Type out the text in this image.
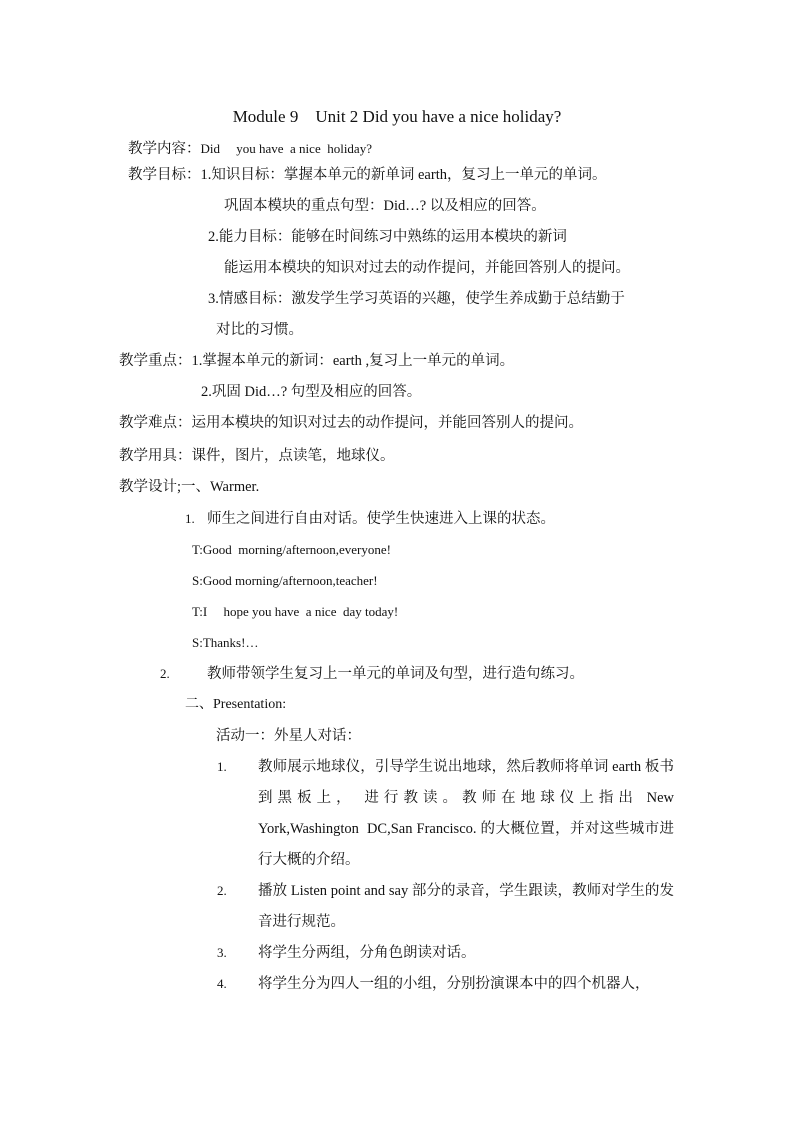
Module 9    Unit 2 Did you have a nice holiday?
教学内容：Did     you have  a nice  holiday?
教学目标：1.知识目标：掌握本单元的新单词 earth，复习上一单元的单词。
巩固本模块的重点句型：Did…? 以及相应的回答。
2.能力目标：能够在时间练习中熟练的运用本模块的新词
能运用本模块的知识对过去的动作提问，并能回答别人的提问。
3.情感目标：激发学生学习英语的兴趣，使学生养成勤于总结勤于
对比的习惯。
教学重点：1.掌握本单元的新词：earth ,复习上一单元的单词。
2.巩固 Did…? 句型及相应的回答。
教学难点：运用本模块的知识对过去的动作提问，并能回答别人的提问。
教学用具：课件，图片，点读笔，地球仪。
教学设计;一、Warmer.
1. 师生之间进行自由对话。使学生快速进入上课的状态。
T:Good  morning/afternoon,everyone!
S:Good morning/afternoon,teacher!
T:I     hope you have  a nice  day today!
S:Thanks!…
2.	教师带领学生复习上一单元的单词及句型，进行造句练习。
二、Presentation:
活动一：外星人对话：
1. 教师展示地球仪，引导学生说出地球，然后教师将单词 earth 板书到黑板上， 进行教读。教师在地球仪上指出 New York,Washington  DC,San Francisco. 的大概位置，并对这些城市进行大概的介绍。
2. 播放 Listen point and say 部分的录音，学生跟读，教师对学生的发音进行规范。
3. 将学生分两组，分角色朗读对话。
4. 将学生分为四人一组的小组，分别扮演课本中的四个机器人，
